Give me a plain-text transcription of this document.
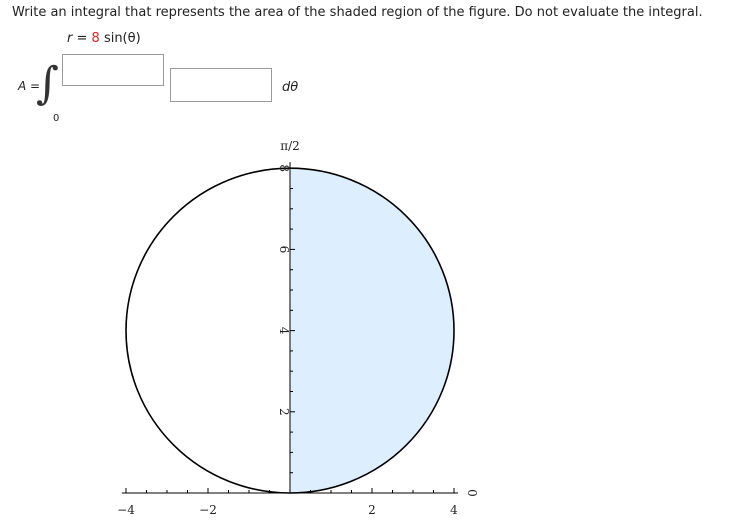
Write an integral that represents the area of the shaded region of the figure. Do not evaluate the integral.
r = 8 sin(θ)
A =
∫
0
dθ
−4	−2	2	4
2
4
6
8
π/2
0
